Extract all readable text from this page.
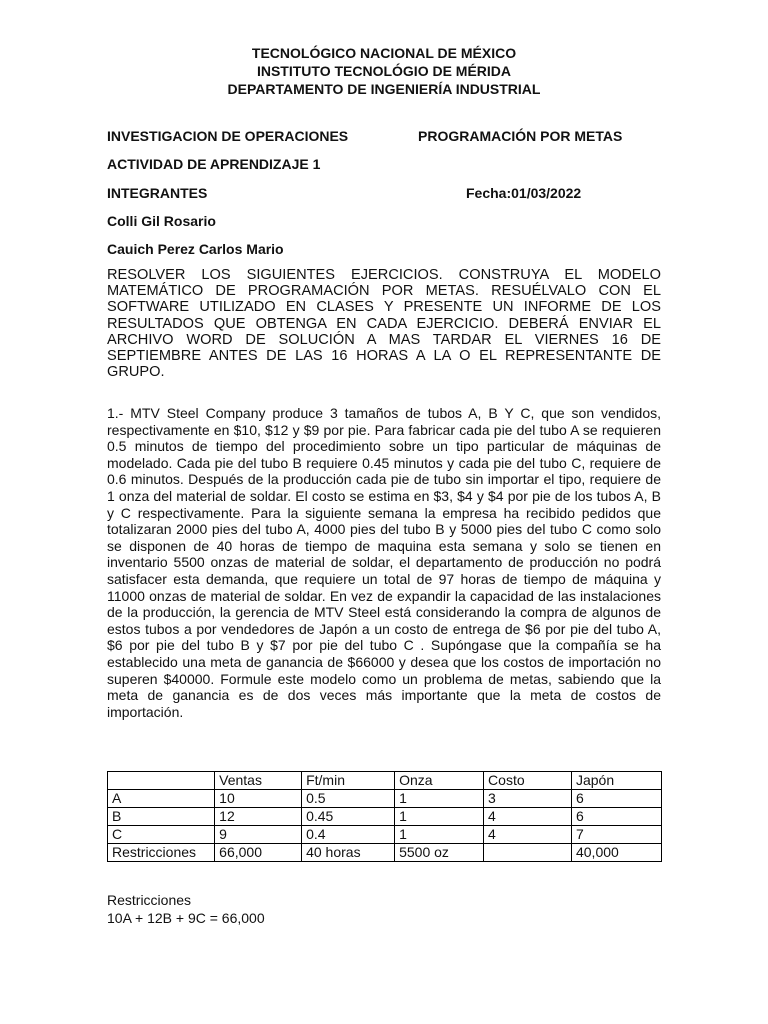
TECNOLÓGICO NACIONAL DE MÉXICO
INSTITUTO TECNOLÓGIO DE MÉRIDA
DEPARTAMENTO DE INGENIERÍA INDUSTRIAL
INVESTIGACION DE OPERACIONES	PROGRAMACIÓN POR METAS
ACTIVIDAD DE APRENDIZAJE 1
INTEGRANTES	Fecha:01/03/2022
Colli Gil Rosario
Cauich Perez Carlos Mario
RESOLVER LOS SIGUIENTES EJERCICIOS. CONSTRUYA EL MODELO MATEMÁTICO DE PROGRAMACIÓN POR METAS. RESUÉLVALO CON EL SOFTWARE UTILIZADO EN CLASES Y PRESENTE UN INFORME DE LOS RESULTADOS QUE OBTENGA EN CADA EJERCICIO. DEBERÁ ENVIAR EL ARCHIVO WORD DE SOLUCIÓN A MAS TARDAR EL VIERNES 16 DE SEPTIEMBRE ANTES DE LAS 16 HORAS A LA O EL REPRESENTANTE DE GRUPO.
1.- MTV Steel Company produce 3 tamaños de tubos A, B Y C, que son vendidos, respectivamente en $10, $12 y $9 por pie. Para fabricar cada pie del tubo A se requieren 0.5 minutos de tiempo del procedimiento sobre un tipo particular de máquinas de modelado. Cada pie del tubo B requiere 0.45 minutos y cada pie del tubo C, requiere de 0.6 minutos. Después de la producción cada pie de tubo sin importar el tipo, requiere de 1 onza del material de soldar. El costo se estima en $3, $4 y $4 por pie de los tubos A, B y C respectivamente. Para la siguiente semana la empresa ha recibido pedidos que totalizaran 2000 pies del tubo A, 4000 pies del tubo B y 5000 pies del tubo C como solo se disponen de 40 horas de tiempo de maquina esta semana y solo se tienen en inventario 5500 onzas de material de soldar, el departamento de producción no podrá satisfacer esta demanda, que requiere un total de 97 horas de tiempo de máquina y 11000 onzas de material de soldar. En vez de expandir la capacidad de las instalaciones de la producción, la gerencia de MTV Steel está considerando la compra de algunos de estos tubos a por vendedores de Japón a un costo de entrega de $6 por pie del tubo A, $6 por pie del tubo B y $7 por pie del tubo C . Supóngase que la compañía se ha establecido una meta de ganancia de $66000 y desea que los costos de importación no superen $40000. Formule este modelo como un problema de metas, sabiendo que la meta de ganancia es de dos veces más importante que la meta de costos de importación.
	Ventas	Ft/min	Onza	Costo	Japón
A	10	0.5	1	3	6
B	12	0.45	1	4	6
C	9	0.4	1	4	7
Restricciones	66,000	40 horas	5500 oz		40,000
Restricciones
10A + 12B + 9C = 66,000
